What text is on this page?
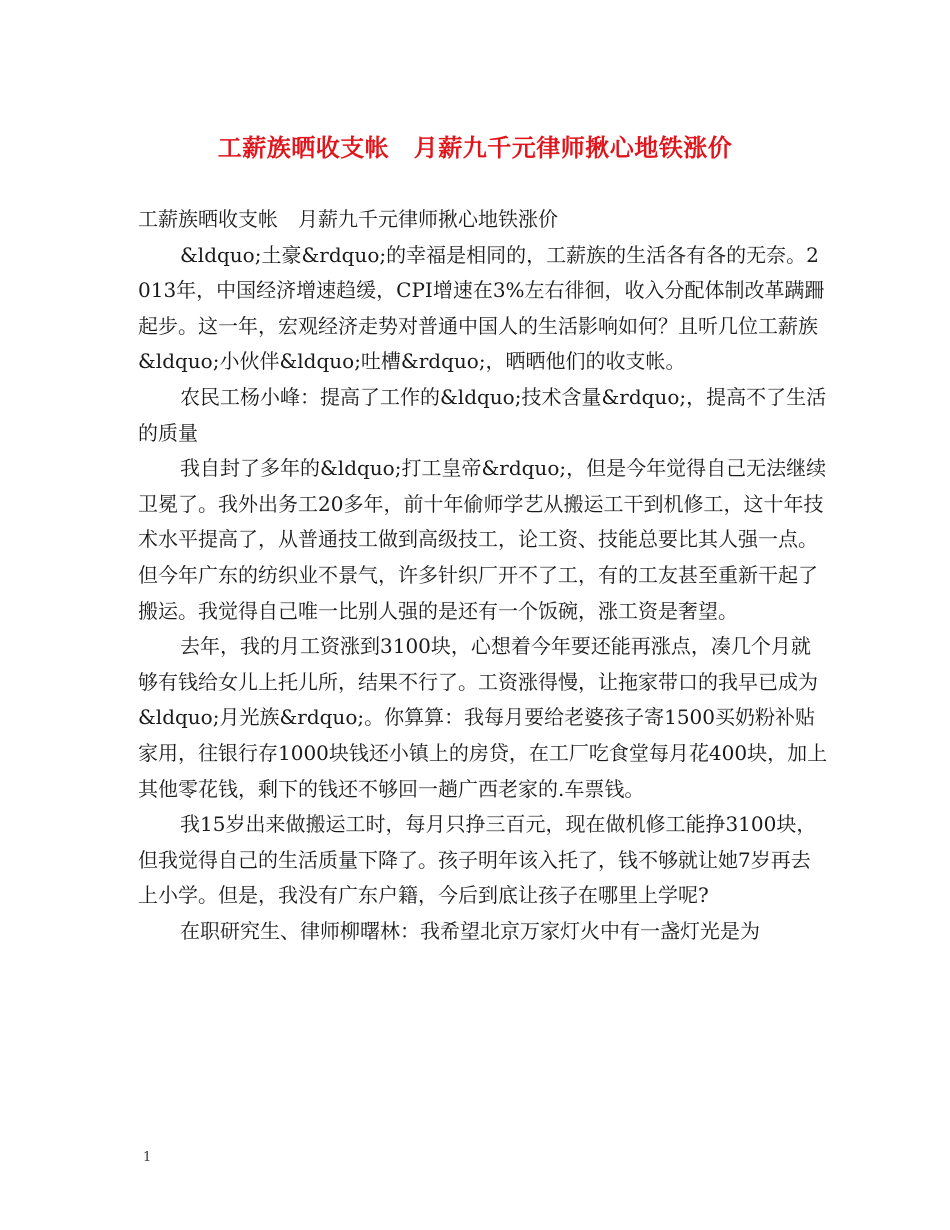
工薪族晒收支帐　月薪九千元律师揪心地铁涨价

工薪族晒收支帐　月薪九千元律师揪心地铁涨价

&ldquo;土豪&rdquo;的幸福是相同的，工薪族的生活各有各的无奈。2013年，中国经济增速趋缓，CPI增速在3%左右徘徊，收入分配体制改革蹒跚起步。这一年，宏观经济走势对普通中国人的生活影响如何？且听几位工薪族&ldquo;小伙伴&ldquo;吐槽&rdquo;，晒晒他们的收支帐。

农民工杨小峰：提高了工作的&ldquo;技术含量&rdquo;，提高不了生活的质量

我自封了多年的&ldquo;打工皇帝&rdquo;，但是今年觉得自己无法继续卫冕了。我外出务工20多年，前十年偷师学艺从搬运工干到机修工，这十年技术水平提高了，从普通技工做到高级技工，论工资、技能总要比其人强一点。但今年广东的纺织业不景气，许多针织厂开不了工，有的工友甚至重新干起了搬运。我觉得自己唯一比别人强的是还有一个饭碗，涨工资是奢望。

去年，我的月工资涨到3100块，心想着今年要还能再涨点，凑几个月就够有钱给女儿上托儿所，结果不行了。工资涨得慢，让拖家带口的我早已成为&ldquo;月光族&rdquo;。你算算：我每月要给老婆孩子寄1500买奶粉补贴家用，往银行存1000块钱还小镇上的房贷，在工厂吃食堂每月花400块，加上其他零花钱，剩下的钱还不够回一趟广西老家的.车票钱。

我15岁出来做搬运工时，每月只挣三百元，现在做机修工能挣3100块，但我觉得自己的生活质量下降了。孩子明年该入托了，钱不够就让她7岁再去上小学。但是，我没有广东户籍，今后到底让孩子在哪里上学呢?

在职研究生、律师柳曙林：我希望北京万家灯火中有一盏灯光是为

1
